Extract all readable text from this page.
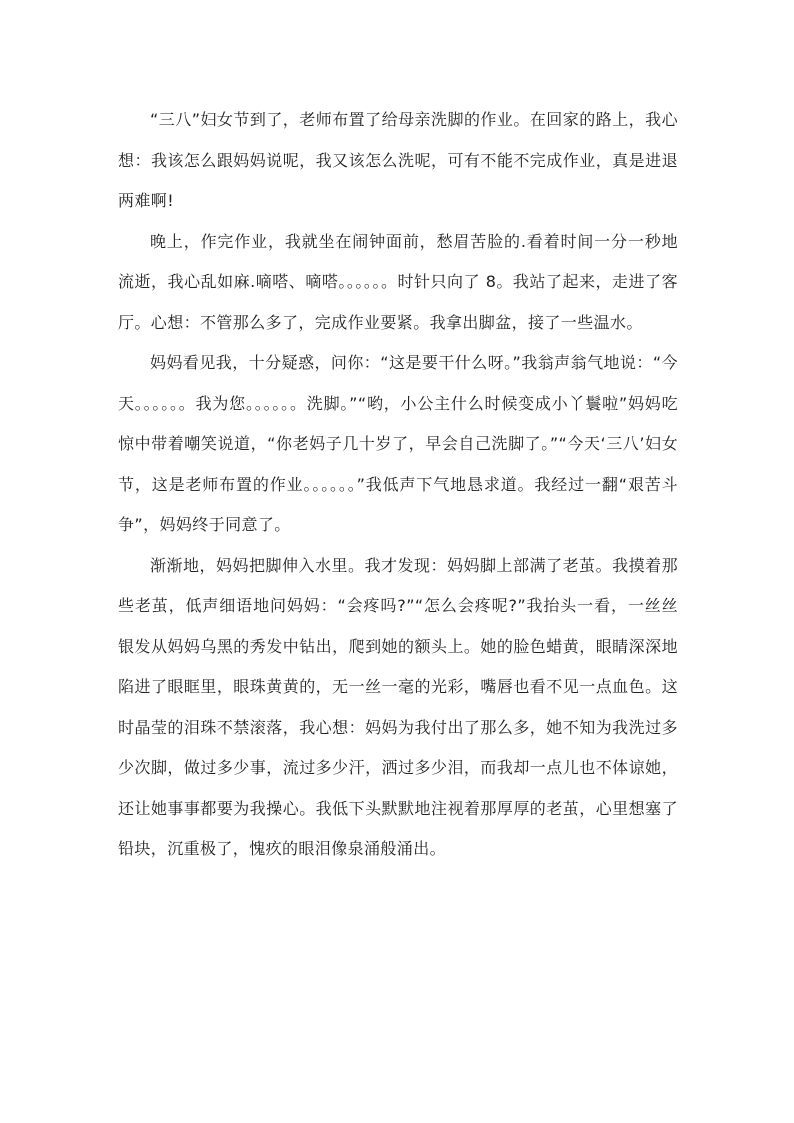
“三八”妇女节到了，老师布置了给母亲洗脚的作业。在回家的路上，我心想：我该怎么跟妈妈说呢，我又该怎么洗呢，可有不能不完成作业，真是进退两难啊!

晚上，作完作业，我就坐在闹钟面前，愁眉苦脸的.看着时间一分一秒地流逝，我心乱如麻.嘀嗒、嘀嗒。。。。。。时针只向了 8。我站了起来，走进了客厅。心想：不管那么多了，完成作业要紧。我拿出脚盆，接了一些温水。

妈妈看见我，十分疑惑，问你：“这是要干什么呀。”我翁声翁气地说：“今天。。。。。。我为您。。。。。。洗脚。”“哟，小公主什么时候变成小丫鬟啦”妈妈吃惊中带着嘲笑说道，“你老妈子几十岁了，早会自己洗脚了。”“今天‘三八’妇女节，这是老师布置的作业。。。。。。”我低声下气地恳求道。我经过一翻“艰苦斗争”，妈妈终于同意了。

渐渐地，妈妈把脚伸入水里。我才发现：妈妈脚上部满了老茧。我摸着那些老茧，低声细语地问妈妈：“会疼吗?”“怎么会疼呢?”我抬头一看，一丝丝银发从妈妈乌黑的秀发中钻出，爬到她的额头上。她的脸色蜡黄，眼睛深深地陷进了眼眶里，眼珠黄黄的，无一丝一毫的光彩，嘴唇也看不见一点血色。这时晶莹的泪珠不禁滚落，我心想：妈妈为我付出了那么多，她不知为我洗过多少次脚，做过多少事，流过多少汗，洒过多少泪，而我却一点儿也不体谅她，还让她事事都要为我操心。我低下头默默地注视着那厚厚的老茧，心里想塞了铅块，沉重极了，愧疚的眼泪像泉涌般涌出。
